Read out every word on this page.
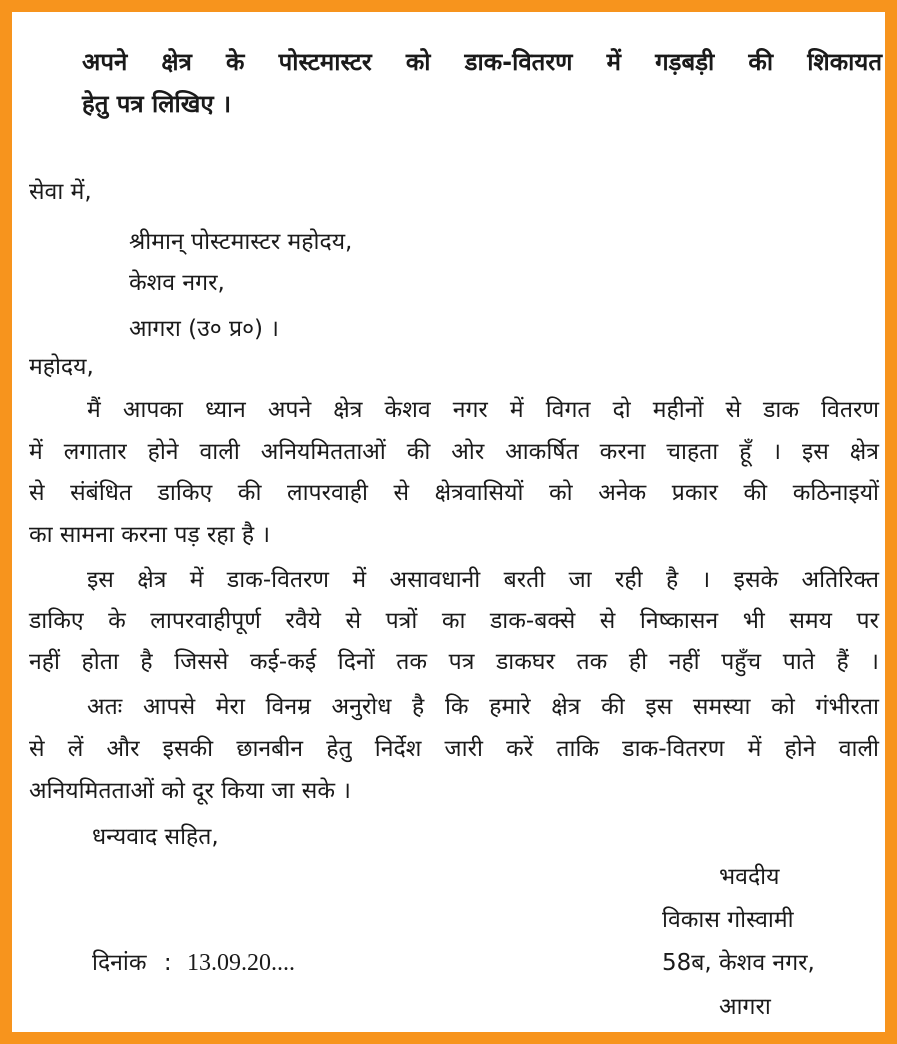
अपने क्षेत्र के पोस्टमास्टर को डाक-वितरण में गड़बड़ी की शिकायत
हेतु पत्र लिखिए ।
सेवा में,
श्रीमान् पोस्टमास्टर महोदय,
केशव नगर,
आगरा (उ० प्र०) ।
महोदय,
मैं आपका ध्यान अपने क्षेत्र केशव नगर में विगत दो महीनों से डाक वितरण
में लगातार होने वाली अनियमितताओं की ओर आकर्षित करना चाहता हूँ । इस क्षेत्र
से संबंधित डाकिए की लापरवाही से क्षेत्रवासियों को अनेक प्रकार की कठिनाइयों
का सामना करना पड़ रहा है ।
इस क्षेत्र में डाक-वितरण में असावधानी बरती जा रही है । इसके अतिरिक्त
डाकिए के लापरवाहीपूर्ण रवैये से पत्रों का डाक-बक्से से निष्कासन भी समय पर
नहीं होता है जिससे कई-कई दिनों तक पत्र डाकघर तक ही नहीं पहुँच पाते हैं ।
अतः आपसे मेरा विनम्र अनुरोध है कि हमारे क्षेत्र की इस समस्या को गंभीरता
से लें और इसकी छानबीन हेतु निर्देश जारी करें ताकि डाक-वितरण में होने वाली
अनियमितताओं को दूर किया जा सके ।
धन्यवाद सहित,
भवदीय
विकास गोस्वामी
58ब, केशव नगर,
आगरा
दिनांक : 13.09.20....
